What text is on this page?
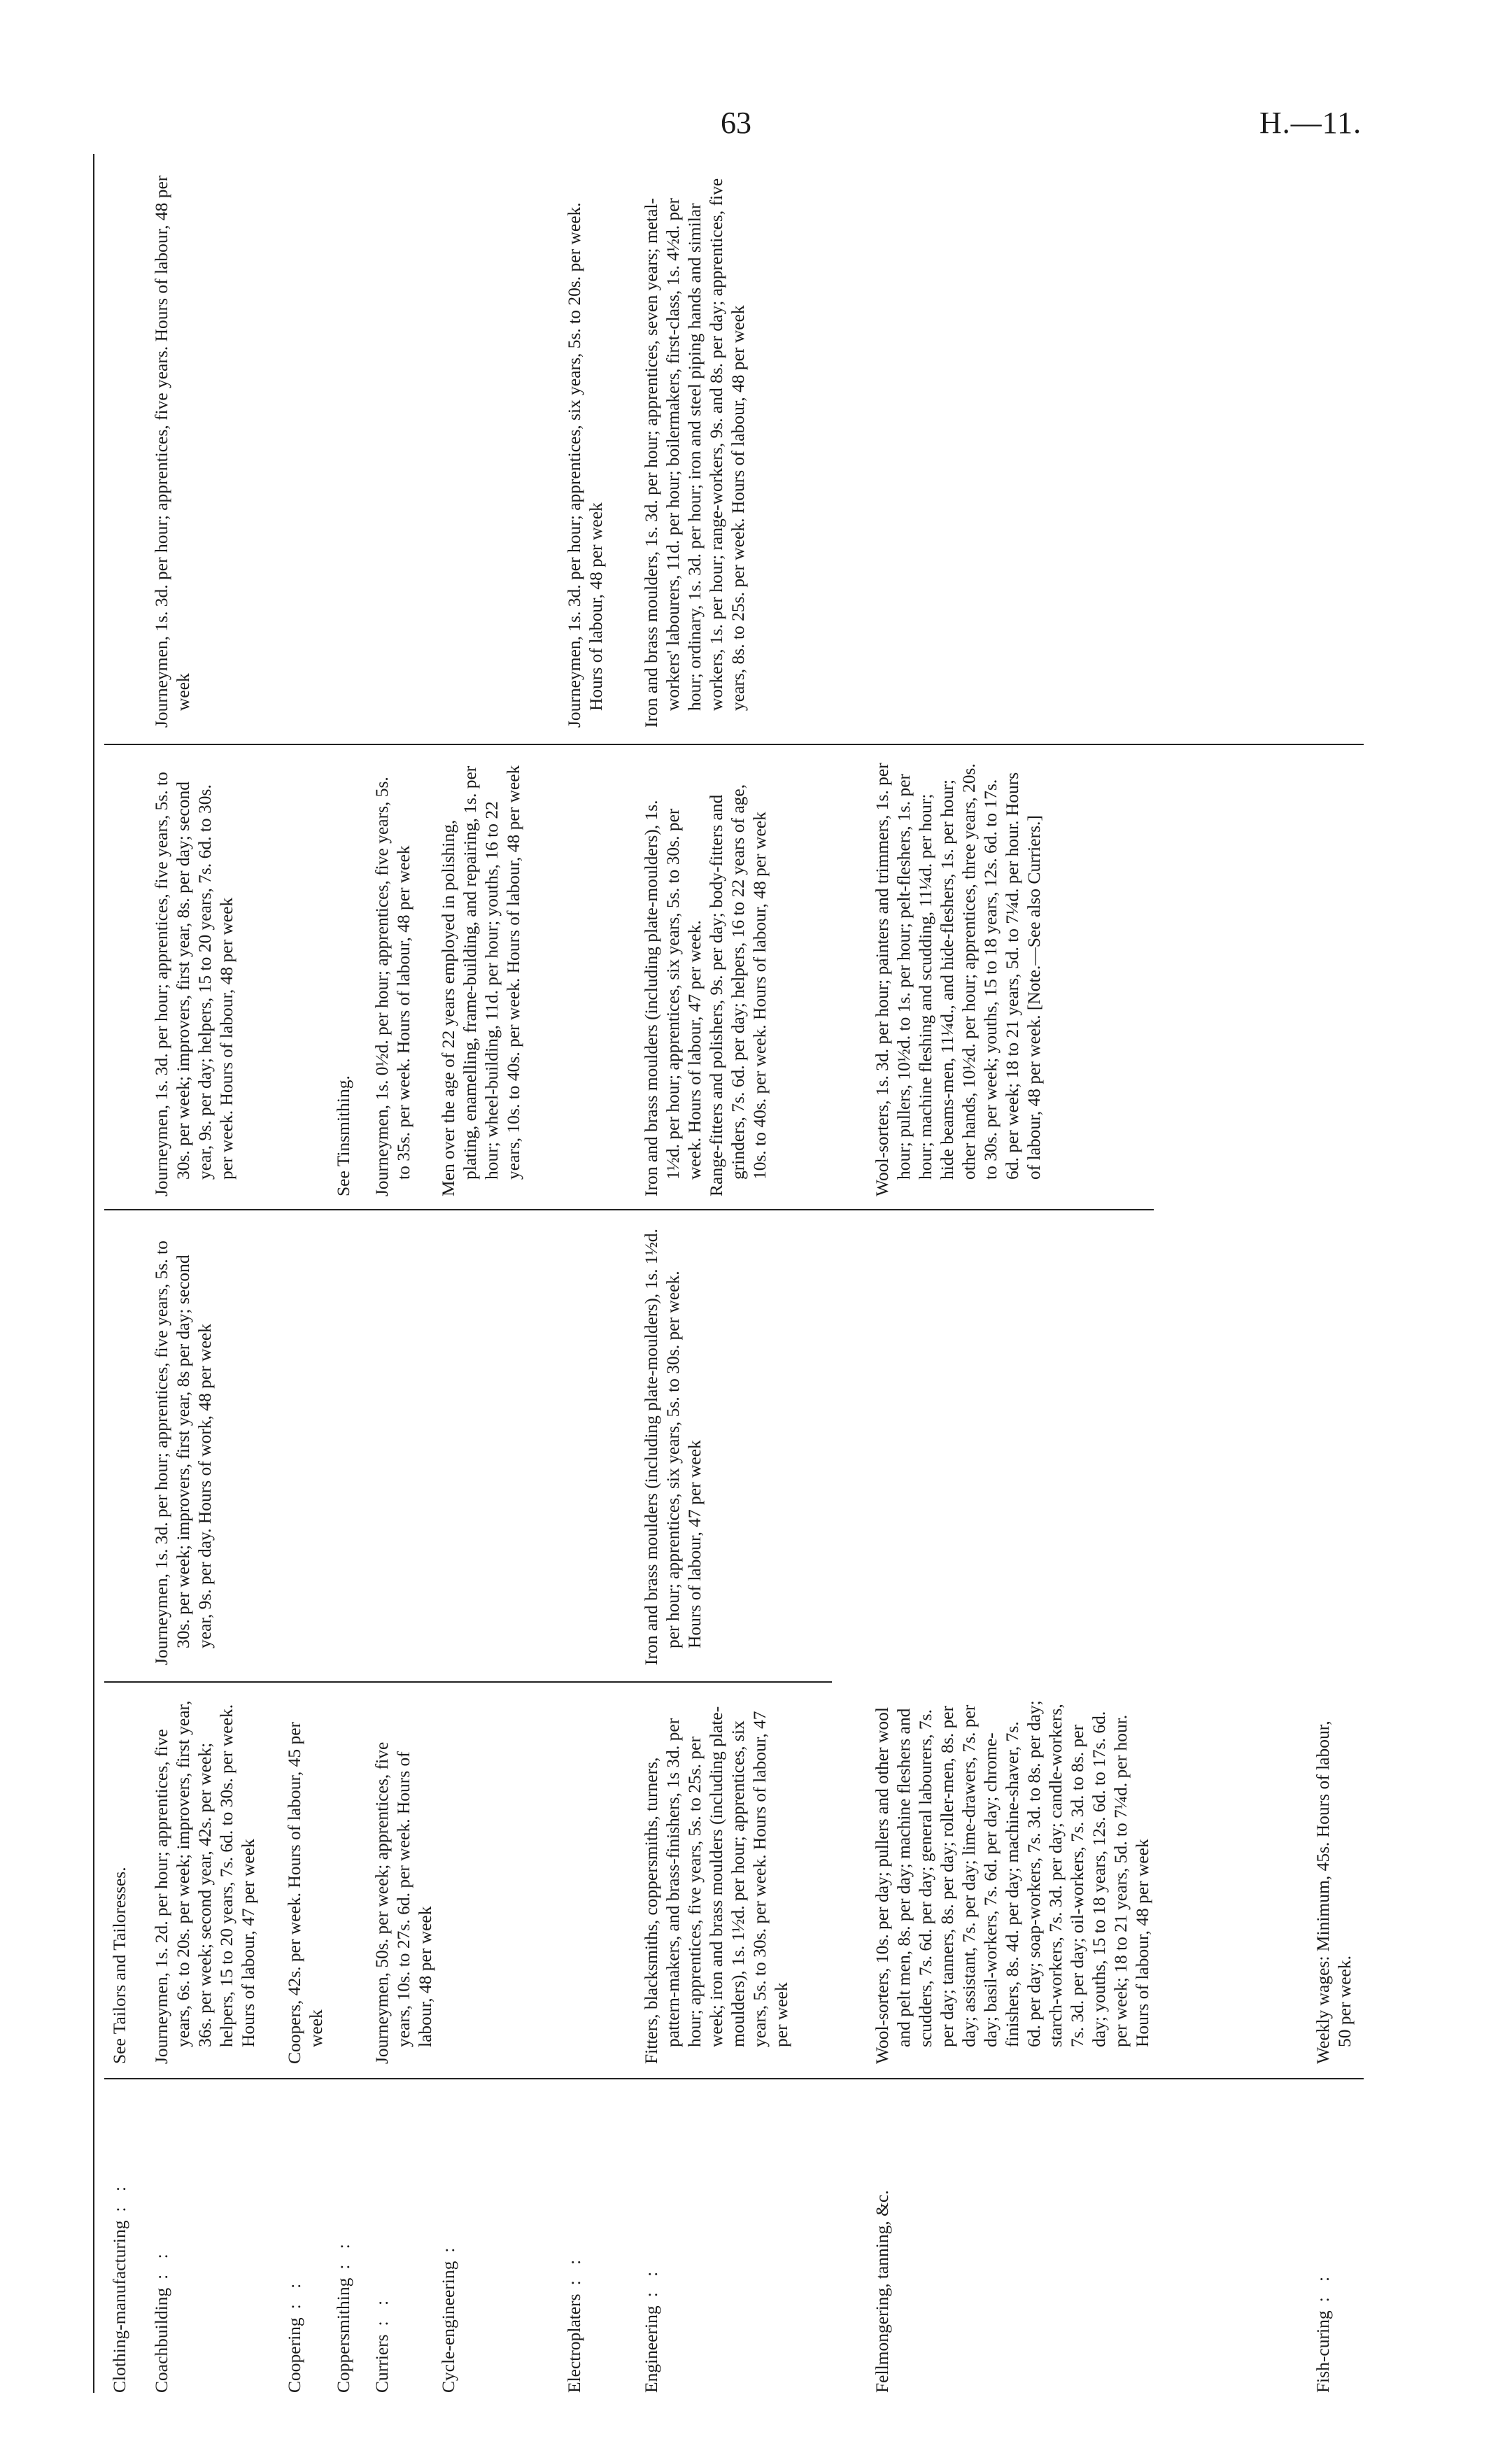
63	H.—11.
Clothing-manufacturing: :

See Tailors and Tailoresses.

Coachbuilding: :

Journeymen, 1s. 2d. per hour; apprentices, five years, 6s. to 20s. per week; improvers, first year, 36s. per week; second year, 42s. per week; helpers, 15 to 20 years, 7s. 6d. to 30s. per week. Hours of labour, 47 per week

Journeymen, 1s. 3d. per hour; apprentices, five years, 5s. to 30s. per week; improvers, first year, 8s per day; second year, 9s. per day. Hours of work, 48 per week

Journeymen, 1s. 3d. per hour; apprentices, five years, 5s. to 30s. per week; improvers, first year, 8s. per day; second year, 9s. per day; helpers, 15 to 20 years, 7s. 6d. to 30s. per week. Hours of labour, 48 per week

Journeymen, 1s. 3d. per hour; apprentices, five years. Hours of labour, 48 per week

Coopering: :

Coopers, 42s. per week. Hours of labour, 45 per week

Coppersmithing: :

See Tinsmithing.

Curriers: :

Journeymen, 50s. per week; apprentices, five years, 10s. to 27s. 6d. per week. Hours of labour, 48 per week

Journeymen, 1s. 0½d. per hour; apprentices, five years, 5s. to 35s. per week. Hours of labour, 48 per week

Cycle-engineering:

Men over the age of 22 years employed in polishing, plating, enamelling, frame-building, and repairing, 1s. per hour; wheel-building, 11d. per hour; youths, 16 to 22 years, 10s. to 40s. per week. Hours of labour, 48 per week

Electroplaters: :

Journeymen, 1s. 3d. per hour; apprentices, six years, 5s. to 20s. per week. Hours of labour, 48 per week

Engineering: :

Fitters, blacksmiths, coppersmiths, turners, pattern-makers, and brass-finishers, 1s 3d. per hour; apprentices, five years, 5s. to 25s. per week; iron and brass moulders (including plate-moulders), 1s. 1½d. per hour; apprentices, six years, 5s. to 30s. per week. Hours of labour, 47 per week

Iron and brass moulders (including plate-moulders), 1s. 1½d. per hour; apprentices, six years, 5s. to 30s. per week. Hours of labour, 47 per week

Iron and brass moulders (including plate-moulders), 1s. 1½d. per hour; apprentices, six years, 5s. to 30s. per week. Hours of labour, 47 per week. Range-fitters and polishers, 9s. per day; body-fitters and grinders, 7s. 6d. per day; helpers, 16 to 22 years of age, 10s. to 40s. per week. Hours of labour, 48 per week

Iron and brass moulders, 1s. 3d. per hour; apprentices, seven years; metal-workers' labourers, 11d. per hour; boilermakers, first-class, 1s. 4½d. per hour; ordinary, 1s. 3d. per hour; iron and steel piping hands and similar workers, 1s. per hour; range-workers, 9s. and 8s. per day; apprentices, five years, 8s. to 25s. per week. Hours of labour, 48 per week

Fellmongering, tanning, &c.

Wool-sorters, 10s. per day; pullers and other wool and pelt men, 8s. per day; machine fleshers and scudders, 7s. 6d. per day; general labourers, 7s. per day; tanners, 8s. per day; roller-men, 8s. per day; assistant, 7s. per day; lime-drawers, 7s. per day; basil-workers, 7s. 6d. per day; chrome-finishers, 8s. 4d. per day; machine-shaver, 7s. 6d. per day; soap-workers, 7s. 3d. to 8s. per day; starch-workers, 7s. 3d. per day; candle-workers, 7s. 3d. per day; oil-workers, 7s. 3d. to 8s. per day; youths, 15 to 18 years, 12s. 6d. to 17s. 6d. per week; 18 to 21 years, 5d. to 7¼d. per hour. Hours of labour, 48 per week

Wool-sorters, 1s. 3d. per hour; painters and trimmers, 1s. per hour; pullers, 10½d. to 1s. per hour; pelt-fleshers, 1s. per hour; machine fleshing and scudding, 11¼d. per hour; hide beams-men, 11¼d., and hide-fleshers, 1s. per hour; other hands, 10½d. per hour; apprentices, three years, 20s. to 30s. per week; youths, 15 to 18 years, 12s. 6d. to 17s. 6d. per week; 18 to 21 years, 5d. to 7¼d. per hour. Hours of labour, 48 per week. [Note.—See also Curriers.]

Fish-curing: :

Weekly wages: Minimum, 45s. Hours of labour, 50 per week.
